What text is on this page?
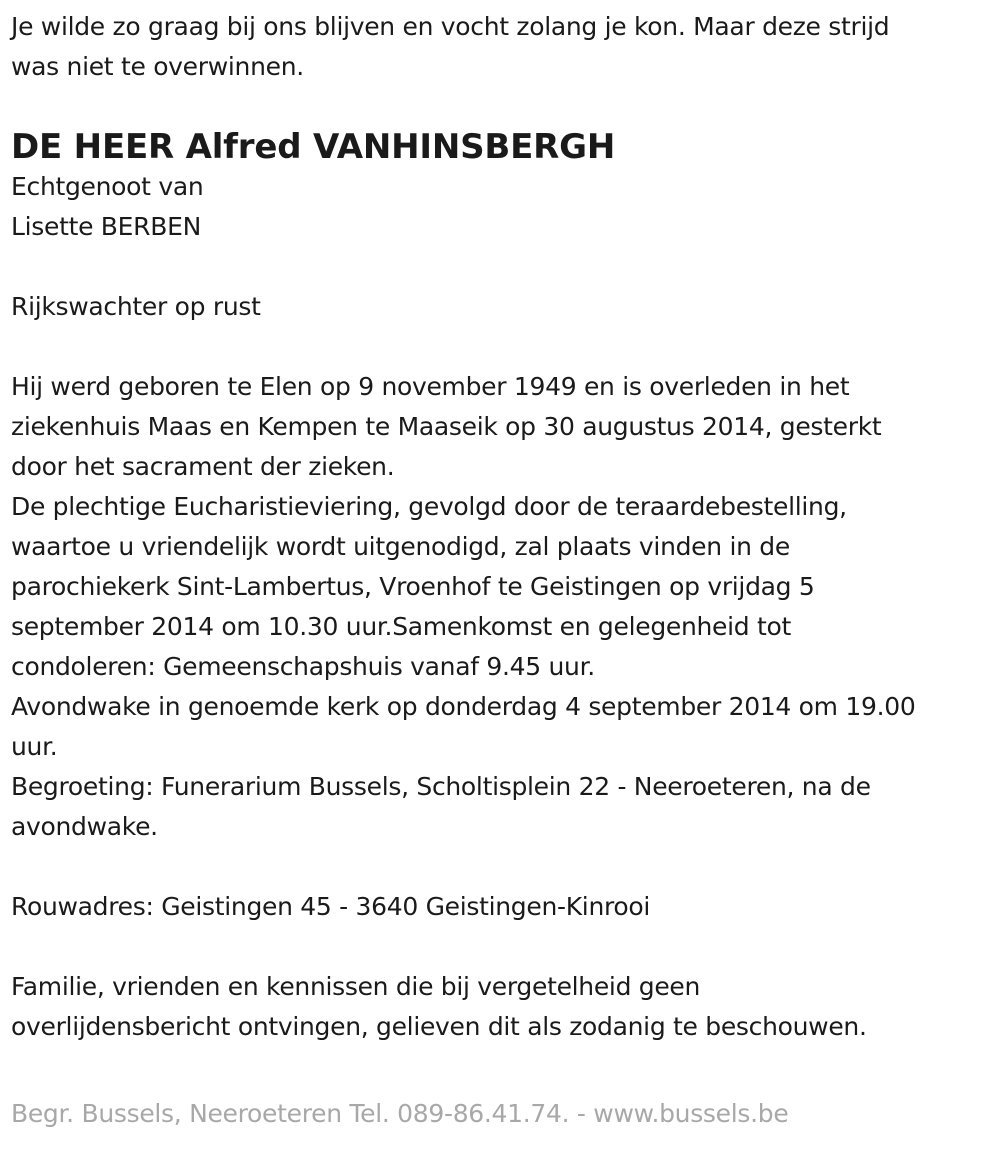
Je wilde zo graag bij ons blijven en vocht zolang je kon. Maar deze strijd
was niet te overwinnen.
DE HEER Alfred VANHINSBERGH
Echtgenoot van
Lisette BERBEN
Rijkswachter op rust
Hij werd geboren te Elen op 9 november 1949 en is overleden in het
ziekenhuis Maas en Kempen te Maaseik op 30 augustus 2014, gesterkt
door het sacrament der zieken.
De plechtige Eucharistieviering, gevolgd door de teraardebestelling,
waartoe u vriendelijk wordt uitgenodigd, zal plaats vinden in de
parochiekerk Sint-Lambertus, Vroenhof te Geistingen op vrijdag 5
september 2014 om 10.30 uur.Samenkomst en gelegenheid tot
condoleren: Gemeenschapshuis vanaf 9.45 uur.
Avondwake in genoemde kerk op donderdag 4 september 2014 om 19.00
uur.
Begroeting: Funerarium Bussels, Scholtisplein 22 - Neeroeteren, na de
avondwake.
Rouwadres: Geistingen 45 - 3640 Geistingen-Kinrooi
Familie, vrienden en kennissen die bij vergetelheid geen
overlijdensbericht ontvingen, gelieven dit als zodanig te beschouwen.
Begr. Bussels, Neeroeteren Tel. 089-86.41.74. - www.bussels.be
